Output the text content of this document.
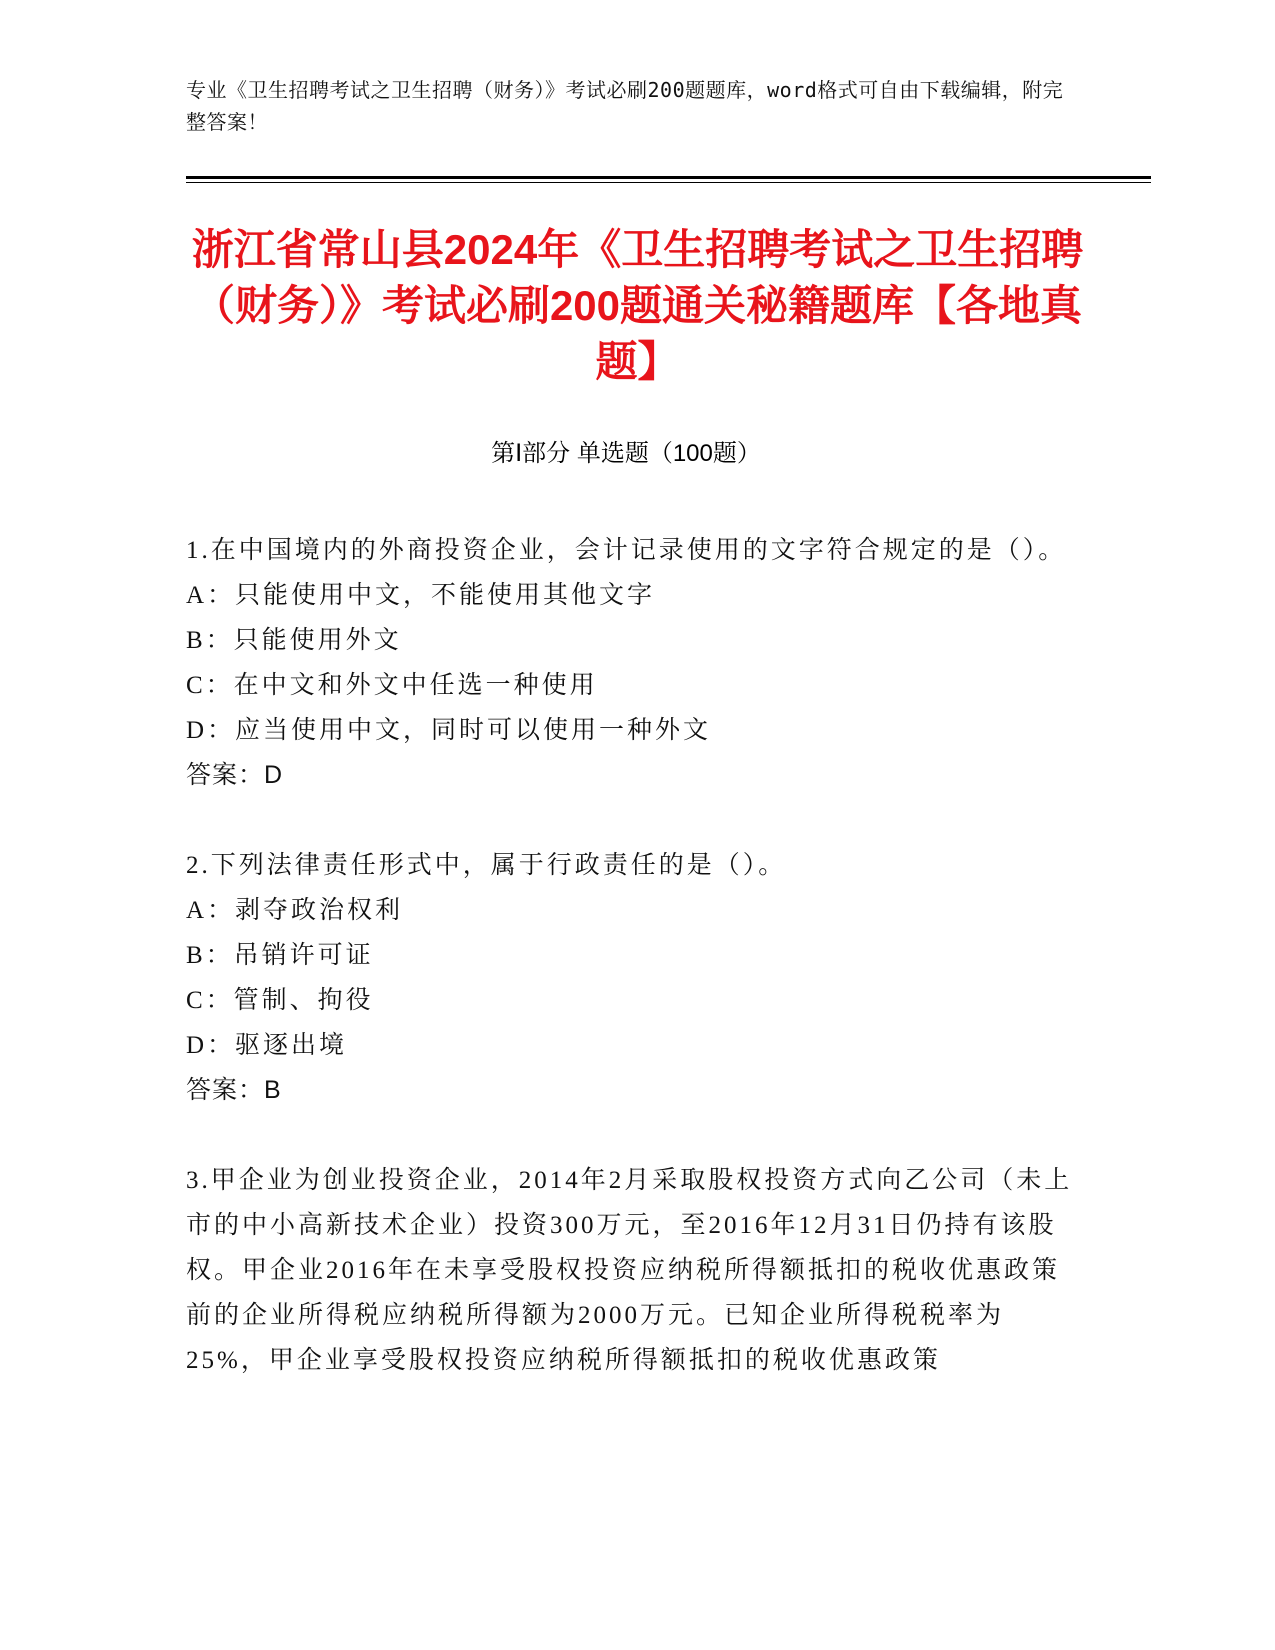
专业《卫生招聘考试之卫生招聘（财务）》考试必刷200题题库，word格式可自由下载编辑，附完整答案！
浙江省常山县2024年《卫生招聘考试之卫生招聘（财务）》考试必刷200题通关秘籍题库【各地真题】
第Ⅰ部分 单选题（100题）
1.在中国境内的外商投资企业，会计记录使用的文字符合规定的是（）。
A：只能使用中文，不能使用其他文字
B：只能使用外文
C：在中文和外文中任选一种使用
D：应当使用中文，同时可以使用一种外文
答案：D
2.下列法律责任形式中，属于行政责任的是（）。
A：剥夺政治权利
B：吊销许可证
C：管制、拘役
D：驱逐出境
答案：B
3.甲企业为创业投资企业，2014年2月采取股权投资方式向乙公司（未上市的中小高新技术企业）投资300万元，至2016年12月31日仍持有该股权。甲企业2016年在未享受股权投资应纳税所得额抵扣的税收优惠政策前的企业所得税应纳税所得额为2000万元。已知企业所得税税率为25%，甲企业享受股权投资应纳税所得额抵扣的税收优惠政策
